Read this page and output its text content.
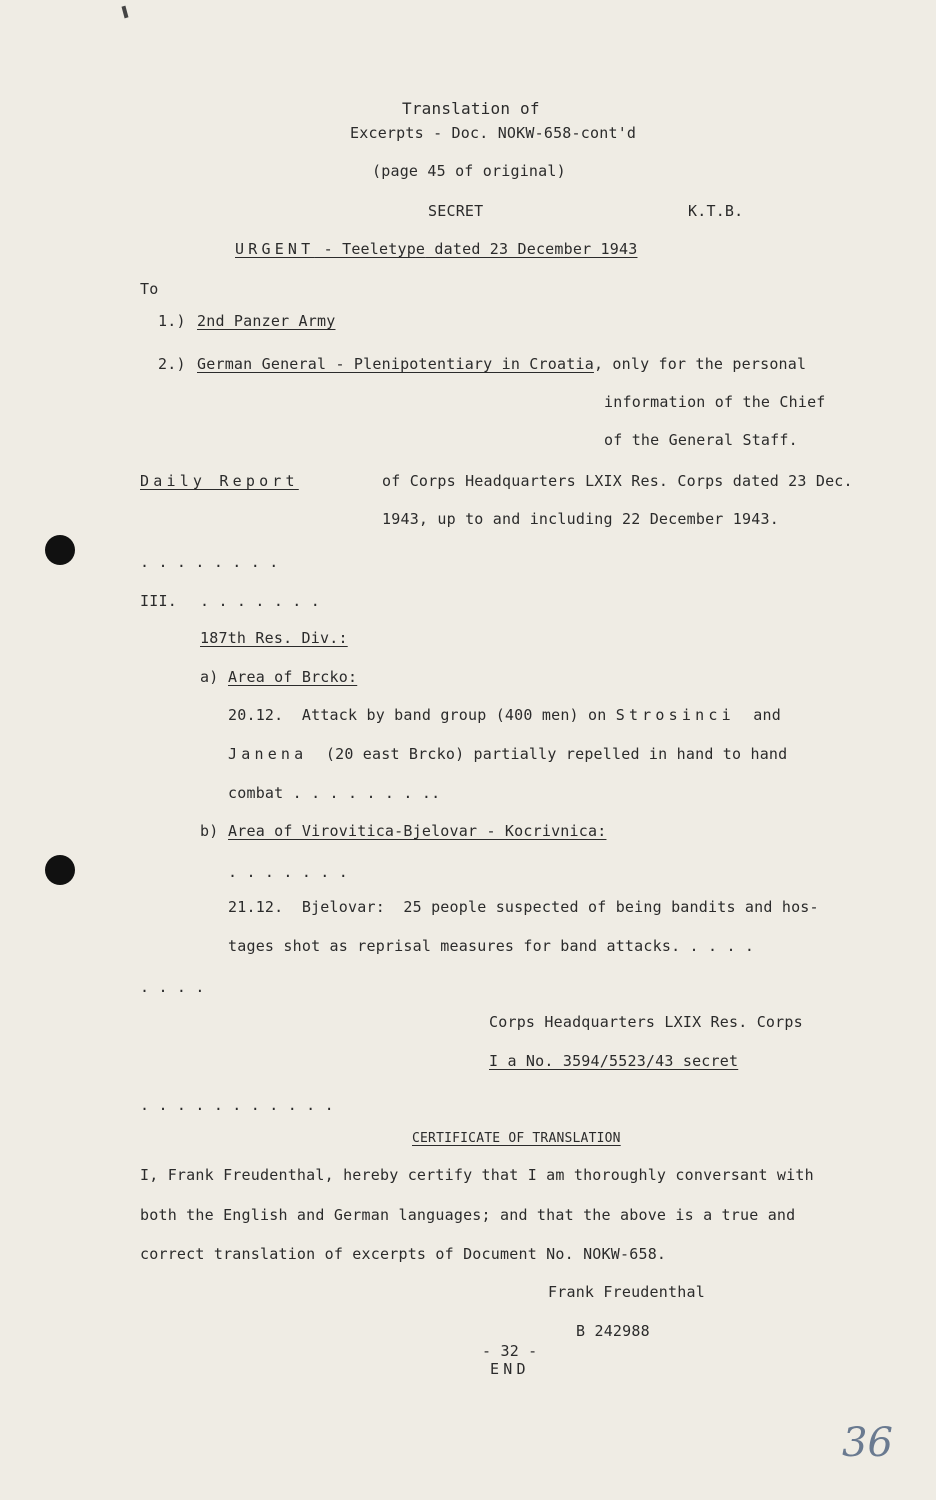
Translation of
Excerpts - Doc. NOKW-658-cont'd
(page 45 of original)
SECRET	K.T.B.
URGENT - Teeletype dated 23 December 1943
To
1.) 2nd Panzer Army
2.) German General - Plenipotentiary in Croatia, only for the personal
information of the Chief
of the General Staff.
Daily Report	of Corps Headquarters LXIX Res. Corps dated 23 Dec.
1943, up to and including 22 December 1943.
. . . . . . . .
III. . . . . . . .
187th Res. Div.:
a) Area of Brcko:
20.12. Attack by band group (400 men) on Strosinci and
Janena (20 east Brcko) partially repelled in hand to hand
combat . . . . . . . ..
b) Area of Virovitica-Bjelovar - Kocrivnica:
. . . . . . .
21.12.  Bjelovar:  25 people suspected of being bandits and hos-
tages shot as reprisal measures for band attacks. . . . .
. . . .
Corps Headquarters LXIX Res. Corps
I a No. 3594/5523/43 secret
. . . . . . . . . . .
CERTIFICATE OF TRANSLATION
I, Frank Freudenthal, hereby certify that I am thoroughly conversant with
both the English and German languages; and that the above is a true and
correct translation of excerpts of Document No. NOKW-658.
Frank Freudenthal
B 242988
- 32 -
END
36
